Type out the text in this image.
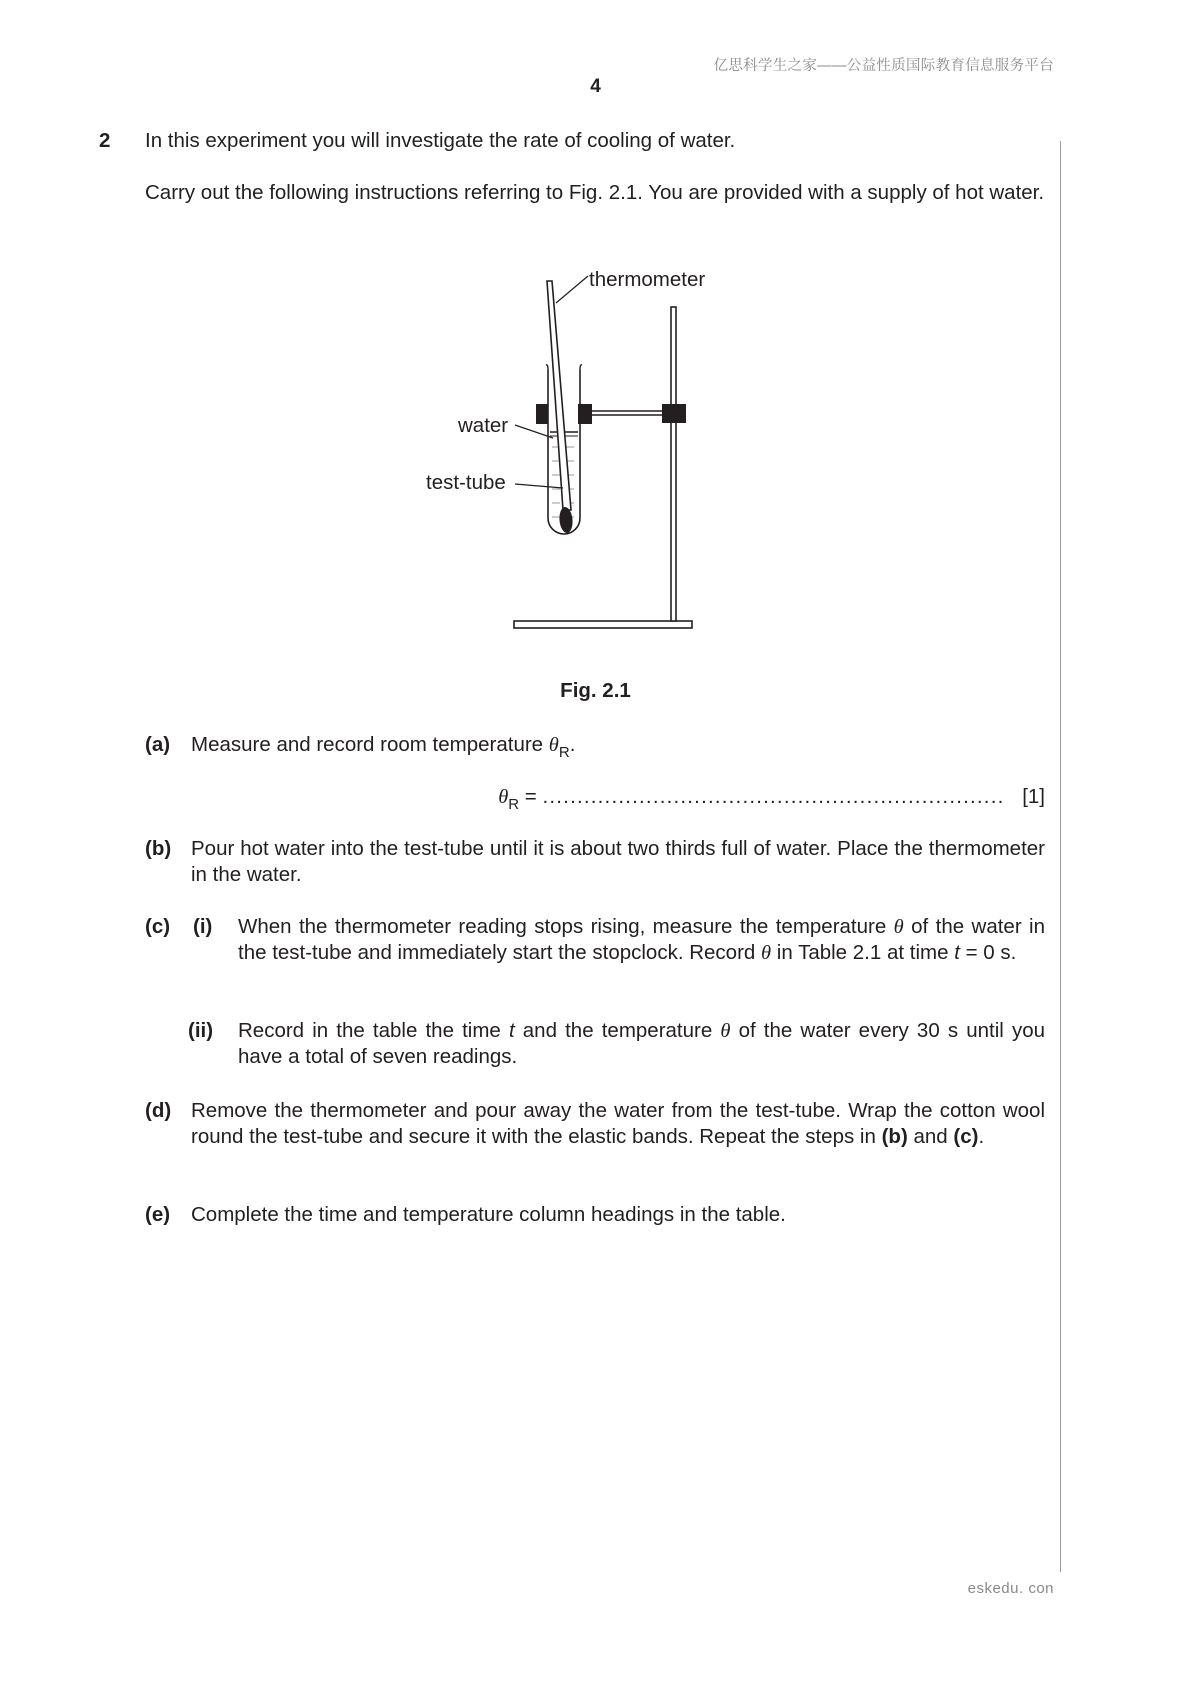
亿思科学生之家——公益性质国际教育信息服务平台
4
2 In this experiment you will investigate the rate of cooling of water.
Carry out the following instructions referring to Fig. 2.1. You are provided with a supply of hot water.
thermometer
water
test-tube
Fig. 2.1
(a) Measure and record room temperature $\theta_R$.
$\theta_R$ = ................................................................... [1]
(b) Pour hot water into the test-tube until it is about two thirds full of water. Place the thermometer in the water.
(c) (i) When the thermometer reading stops rising, measure the temperature θ of the water in the test-tube and immediately start the stopclock. Record θ in Table 2.1 at time t = 0 s.
(ii) Record in the table the time t and the temperature θ of the water every 30 s until you have a total of seven readings.
(d) Remove the thermometer and pour away the water from the test-tube. Wrap the cotton wool round the test-tube and secure it with the elastic bands. Repeat the steps in (b) and (c).
(e) Complete the time and temperature column headings in the table.
eskedu. con
